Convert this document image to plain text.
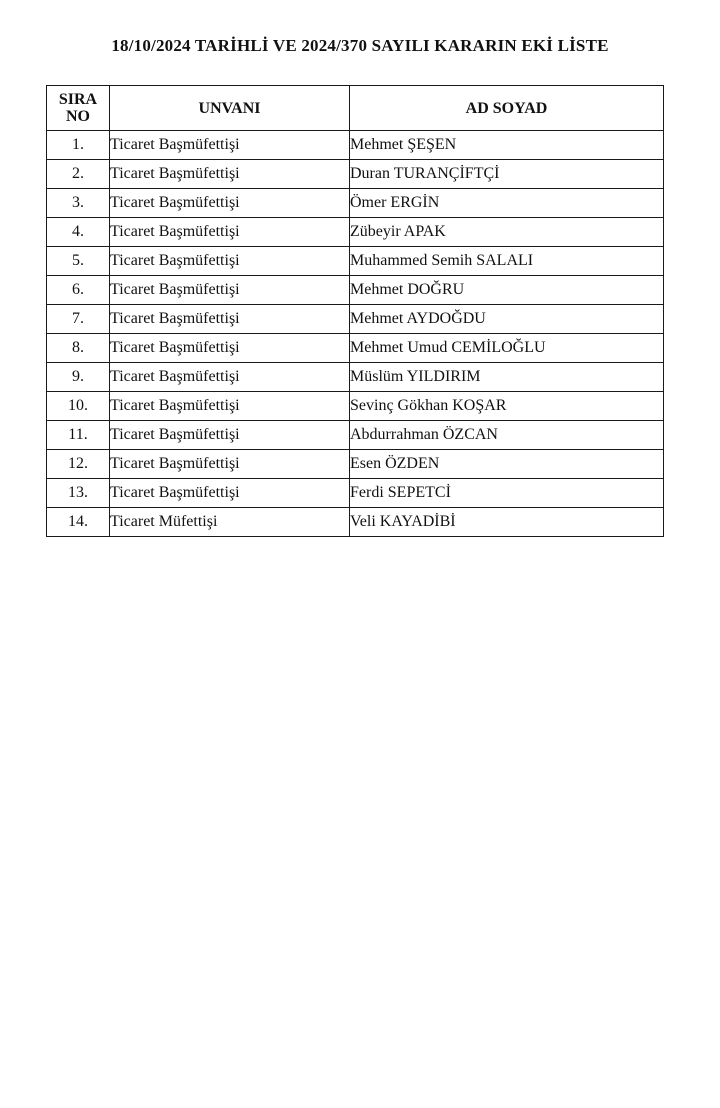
18/10/2024 TARİHLİ VE 2024/370 SAYILI KARARIN EKİ LİSTE
SIRA
NO	UNVANI	AD SOYAD
1.	Ticaret Başmüfettişi	Mehmet ŞEŞEN
2.	Ticaret Başmüfettişi	Duran TURANÇİFTÇİ
3.	Ticaret Başmüfettişi	Ömer ERGİN
4.	Ticaret Başmüfettişi	Zübeyir APAK
5.	Ticaret Başmüfettişi	Muhammed Semih SALALI
6.	Ticaret Başmüfettişi	Mehmet DOĞRU
7.	Ticaret Başmüfettişi	Mehmet AYDOĞDU
8.	Ticaret Başmüfettişi	Mehmet Umud CEMİLOĞLU
9.	Ticaret Başmüfettişi	Müslüm YILDIRIM
10.	Ticaret Başmüfettişi	Sevinç Gökhan KOŞAR
11.	Ticaret Başmüfettişi	Abdurrahman ÖZCAN
12.	Ticaret Başmüfettişi	Esen ÖZDEN
13.	Ticaret Başmüfettişi	Ferdi SEPETCİ
14.	Ticaret Müfettişi	Veli KAYADİBİ
